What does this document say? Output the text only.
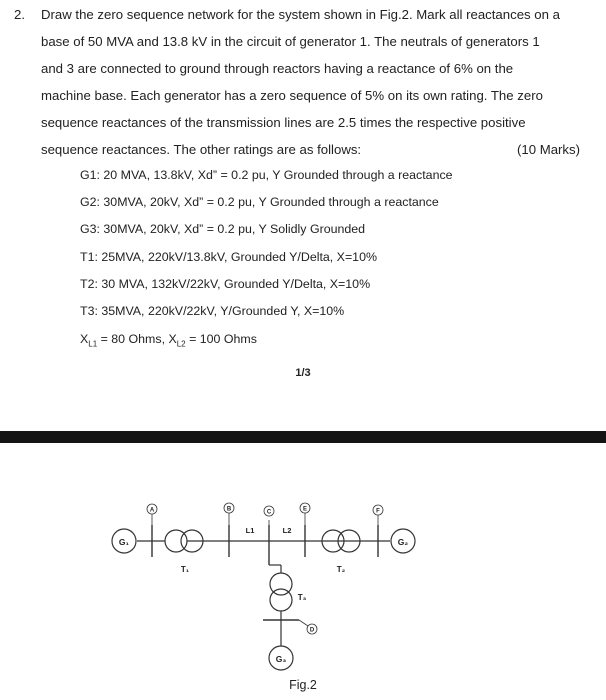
2. Draw the zero sequence network for the system shown in Fig.2. Mark all reactances on a
base of 50 MVA and 13.8 kV in the circuit of generator 1. The neutrals of generators 1
and 3 are connected to ground through reactors having a reactance of 6% on the
machine base. Each generator has a zero sequence of 5% on its own rating. The zero
sequence reactances of the transmission lines are 2.5 times the respective positive
sequence reactances. The other ratings are as follows:	(10 Marks)
G1: 20 MVA, 13.8kV, Xd” = 0.2 pu, Y Grounded through a reactance
G2: 30MVA, 20kV, Xd” = 0.2 pu, Y Grounded through a reactance
G3: 30MVA, 20kV, Xd” = 0.2 pu, Y Solidly Grounded
T1: 25MVA, 220kV/13.8kV, Grounded Y/Delta, X=10%
T2: 30 MVA, 132kV/22kV, Grounded Y/Delta, X=10%
T3: 35MVA, 220kV/22kV, Y/Grounded Y, X=10%
$X_{L1} = 80$ Ohms, $X_{L2} = 100$ Ohms
1/3
G₁
A
T₁
B
L1
C
L2
E
T₂
F
G₂
T₃
D
G₃
Fig.2
